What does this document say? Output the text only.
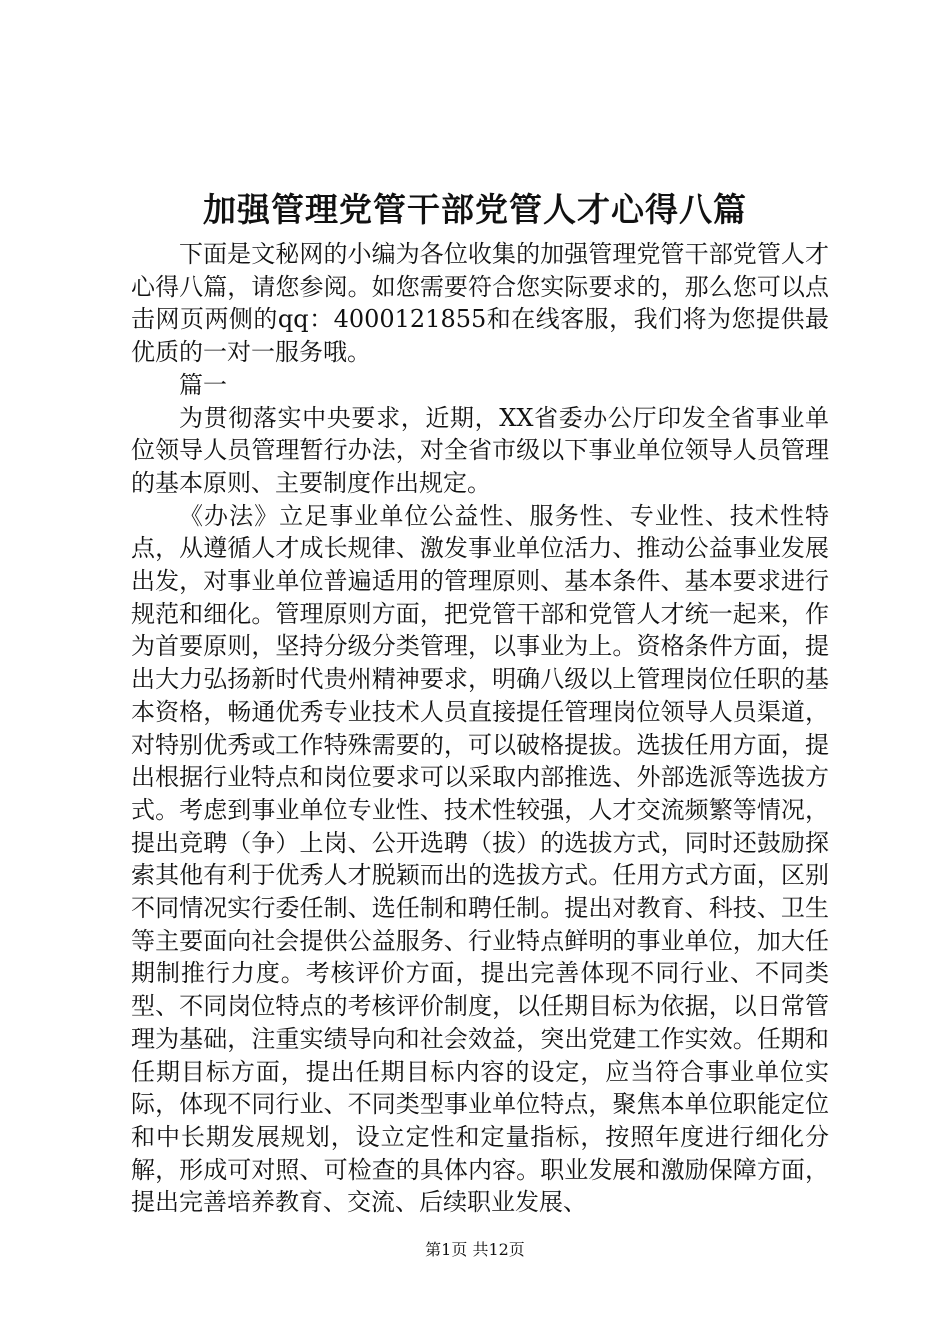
加强管理党管干部党管人才心得八篇

下面是文秘网的小编为各位收集的加强管理党管干部党管人才心得八篇，请您参阅。如您需要符合您实际要求的，那么您可以点击网页两侧的qq：4000121855和在线客服，我们将为您提供最优质的一对一服务哦。

篇一

为贯彻落实中央要求，近期，XX省委办公厅印发全省事业单位领导人员管理暂行办法，对全省市级以下事业单位领导人员管理的基本原则、主要制度作出规定。

《办法》立足事业单位公益性、服务性、专业性、技术性特点，从遵循人才成长规律、激发事业单位活力、推动公益事业发展出发，对事业单位普遍适用的管理原则、基本条件、基本要求进行规范和细化。管理原则方面，把党管干部和党管人才统一起来，作为首要原则，坚持分级分类管理，以事业为上。资格条件方面，提出大力弘扬新时代贵州精神要求，明确八级以上管理岗位任职的基本资格，畅通优秀专业技术人员直接提任管理岗位领导人员渠道，对特别优秀或工作特殊需要的，可以破格提拔。选拔任用方面，提出根据行业特点和岗位要求可以采取内部推选、外部选派等选拔方式。考虑到事业单位专业性、技术性较强，人才交流频繁等情况，提出竞聘（争）上岗、公开选聘（拔）的选拔方式，同时还鼓励探索其他有利于优秀人才脱颖而出的选拔方式。任用方式方面，区别不同情况实行委任制、选任制和聘任制。提出对教育、科技、卫生等主要面向社会提供公益服务、行业特点鲜明的事业单位，加大任期制推行力度。考核评价方面，提出完善体现不同行业、不同类型、不同岗位特点的考核评价制度，以任期目标为依据，以日常管理为基础，注重实绩导向和社会效益，突出党建工作实效。任期和任期目标方面，提出任期目标内容的设定，应当符合事业单位实际，体现不同行业、不同类型事业单位特点，聚焦本单位职能定位和中长期发展规划，设立定性和定量指标，按照年度进行细化分解，形成可对照、可检查的具体内容。职业发展和激励保障方面，提出完善培养教育、交流、后续职业发展、

第1页 共12页
